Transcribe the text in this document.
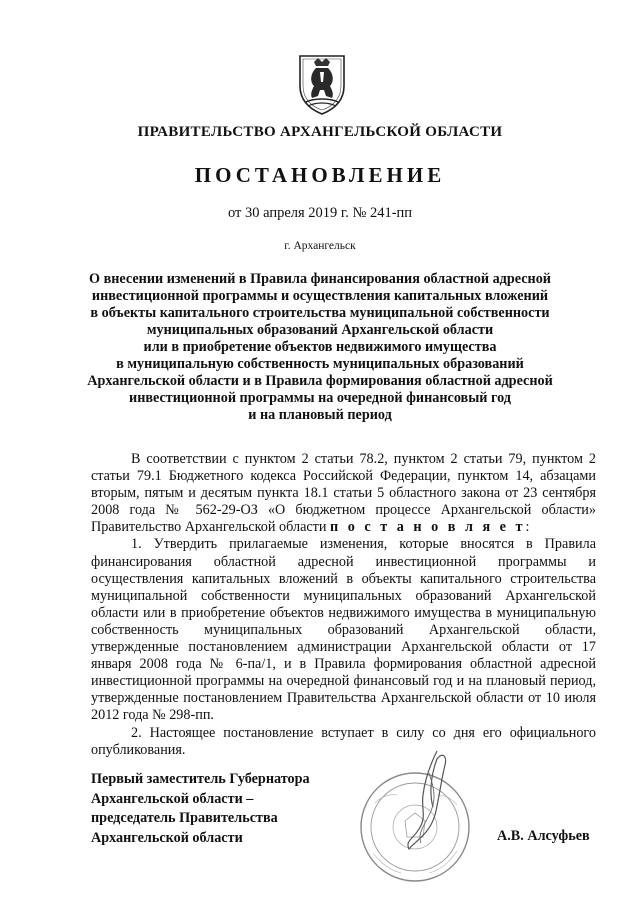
ПРАВИТЕЛЬСТВО АРХАНГЕЛЬСКОЙ ОБЛАСТИ
ПОСТАНОВЛЕНИЕ
от 30 апреля 2019 г. № 241-пп
г. Архангельск
О внесении изменений в Правила финансирования областной адресной
инвестиционной программы и осуществления капитальных вложений
в объекты капитального строительства муниципальной собственности
муниципальных образований Архангельской области
или в приобретение объектов недвижимого имущества
в муниципальную собственность муниципальных образований
Архангельской области и в Правила формирования областной адресной
инвестиционной программы на очередной финансовый год
и на плановый период

В соответствии с пунктом 2 статьи 78.2, пунктом 2 статьи 79, пунктом 2 статьи 79.1 Бюджетного кодекса Российской Федерации, пунктом 14, абзацами вторым, пятым и десятым пункта 18.1 статьи 5 областного закона от 23 сентября 2008 года № 562-29-ОЗ «О бюджетном процессе Архангельской области» Правительство Архангельской области п о с т а н о в л я е т:

1. Утвердить прилагаемые изменения, которые вносятся в Правила финансирования областной адресной инвестиционной программы и осуществления капитальных вложений в объекты капитального строительства муниципальной собственности муниципальных образований Архангельской области или в приобретение объектов недвижимого имущества в муниципальную собственность муниципальных образований Архангельской области, утвержденные постановлением администрации Архангельской области от 17 января 2008 года № 6-па/1, и в Правила формирования областной адресной инвестиционной программы на очередной финансовый год и на плановый период, утвержденные постановлением Правительства Архангельской области от 10 июля 2012 года № 298-пп.

2. Настоящее постановление вступает в силу со дня его официального опубликования.

Первый заместитель Губернатора
Архангельской области –
председатель Правительства
Архангельской области	А.В. Алсуфьев
